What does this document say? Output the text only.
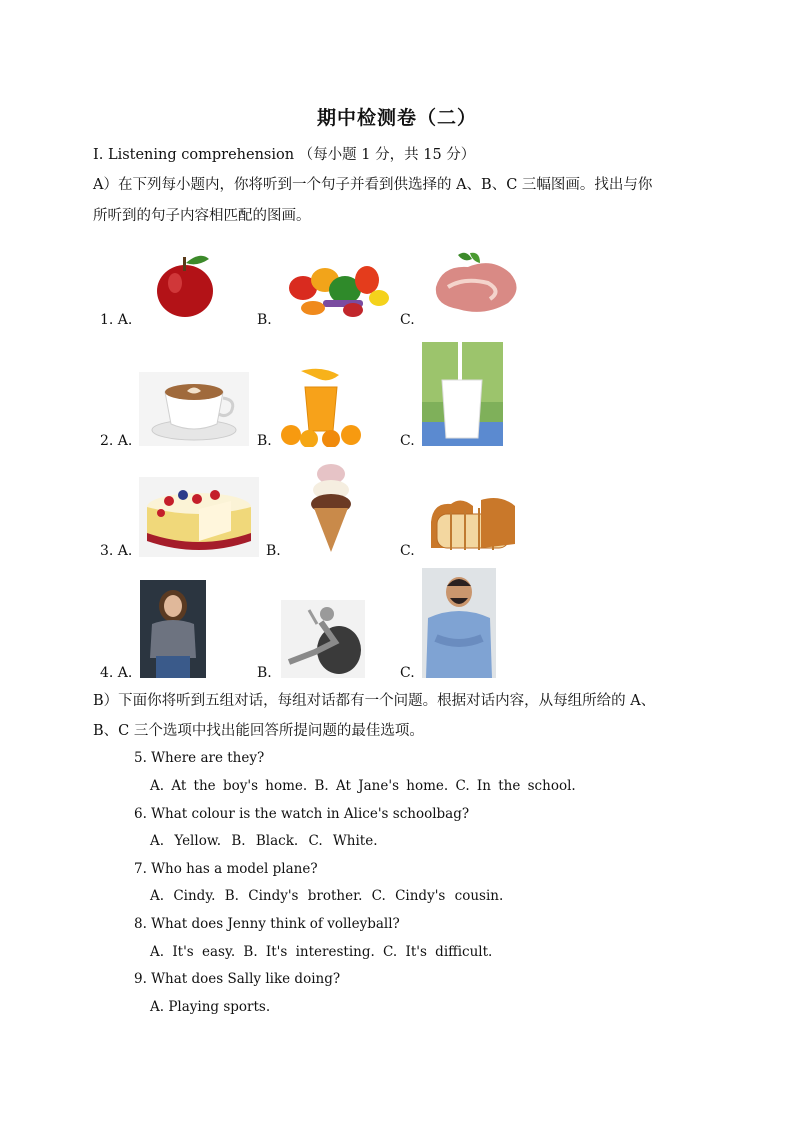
期中检测卷（二）
I. Listening comprehension （每小题 1 分，共 15 分）
A）在下列每小题内，你将听到一个句子并看到供选择的 A、B、C 三幅图画。找出与你
所听到的句子内容相匹配的图画。
1. A.	B.	C.
2. A.	B.	C.
3. A.	B.	C.
4. A.	B.	C.
B）下面你将听到五组对话，每组对话都有一个问题。根据对话内容，从每组所给的 A、
B、C 三个选项中找出能回答所提问题的最佳选项。
5. Where are they?
A. At the boy's home. B. At Jane's home. C. In the school.
6. What colour is the watch in Alice's schoolbag?
A. Yellow. B. Black. C. White.
7. Who has a model plane?
A. Cindy. B. Cindy's brother. C. Cindy's cousin.
8. What does Jenny think of volleyball?
A. It's easy. B. It's interesting. C. It's difficult.
9. What does Sally like doing?
A. Playing sports.
